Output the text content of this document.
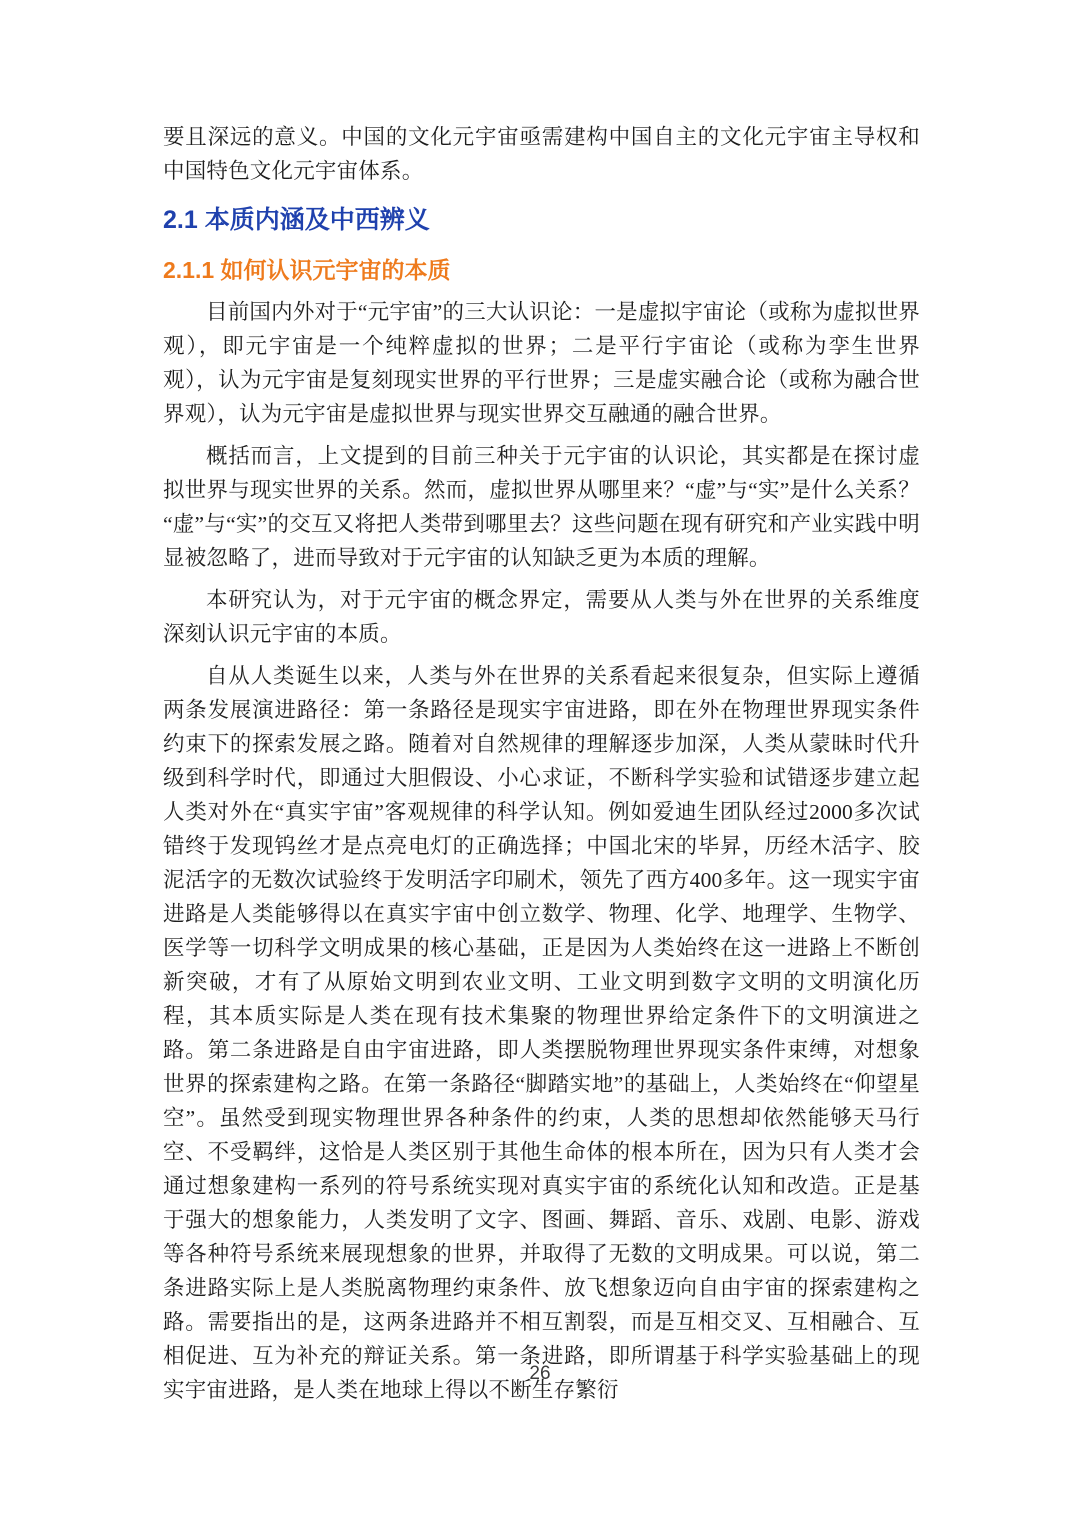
要且深远的意义。中国的文化元宇宙亟需建构中国自主的文化元宇宙主导权和中国特色文化元宇宙体系。

2.1 本质内涵及中西辨义
2.1.1 如何认识元宇宙的本质

目前国内外对于“元宇宙”的三大认识论：一是虚拟宇宙论（或称为虚拟世界观），即元宇宙是一个纯粹虚拟的世界；二是平行宇宙论（或称为孪生世界观），认为元宇宙是复刻现实世界的平行世界；三是虚实融合论（或称为融合世界观），认为元宇宙是虚拟世界与现实世界交互融通的融合世界。

概括而言，上文提到的目前三种关于元宇宙的认识论，其实都是在探讨虚拟世界与现实世界的关系。然而，虚拟世界从哪里来？“虚”与“实”是什么关系？“虚”与“实”的交互又将把人类带到哪里去？这些问题在现有研究和产业实践中明显被忽略了，进而导致对于元宇宙的认知缺乏更为本质的理解。

本研究认为，对于元宇宙的概念界定，需要从人类与外在世界的关系维度深刻认识元宇宙的本质。

自从人类诞生以来，人类与外在世界的关系看起来很复杂，但实际上遵循两条发展演进路径：第一条路径是现实宇宙进路，即在外在物理世界现实条件约束下的探索发展之路。随着对自然规律的理解逐步加深，人类从蒙昧时代升级到科学时代，即通过大胆假设、小心求证，不断科学实验和试错逐步建立起人类对外在“真实宇宙”客观规律的科学认知。例如爱迪生团队经过2000多次试错终于发现钨丝才是点亮电灯的正确选择；中国北宋的毕昇，历经木活字、胶泥活字的无数次试验终于发明活字印刷术，领先了西方400多年。这一现实宇宙进路是人类能够得以在真实宇宙中创立数学、物理、化学、地理学、生物学、医学等一切科学文明成果的核心基础，正是因为人类始终在这一进路上不断创新突破，才有了从原始文明到农业文明、工业文明到数字文明的文明演化历程，其本质实际是人类在现有技术集聚的物理世界给定条件下的文明演进之路。第二条进路是自由宇宙进路，即人类摆脱物理世界现实条件束缚，对想象世界的探索建构之路。在第一条路径“脚踏实地”的基础上，人类始终在“仰望星空”。虽然受到现实物理世界各种条件的约束，人类的思想却依然能够天马行空、不受羁绊，这恰是人类区别于其他生命体的根本所在，因为只有人类才会通过想象建构一系列的符号系统实现对真实宇宙的系统化认知和改造。正是基于强大的想象能力，人类发明了文字、图画、舞蹈、音乐、戏剧、电影、游戏等各种符号系统来展现想象的世界，并取得了无数的文明成果。可以说，第二条进路实际上是人类脱离物理约束条件、放飞想象迈向自由宇宙的探索建构之路。需要指出的是，这两条进路并不相互割裂，而是互相交叉、互相融合、互相促进、互为补充的辩证关系。第一条进路，即所谓基于科学实验基础上的现实宇宙进路，是人类在地球上得以不断生存繁衍

26
